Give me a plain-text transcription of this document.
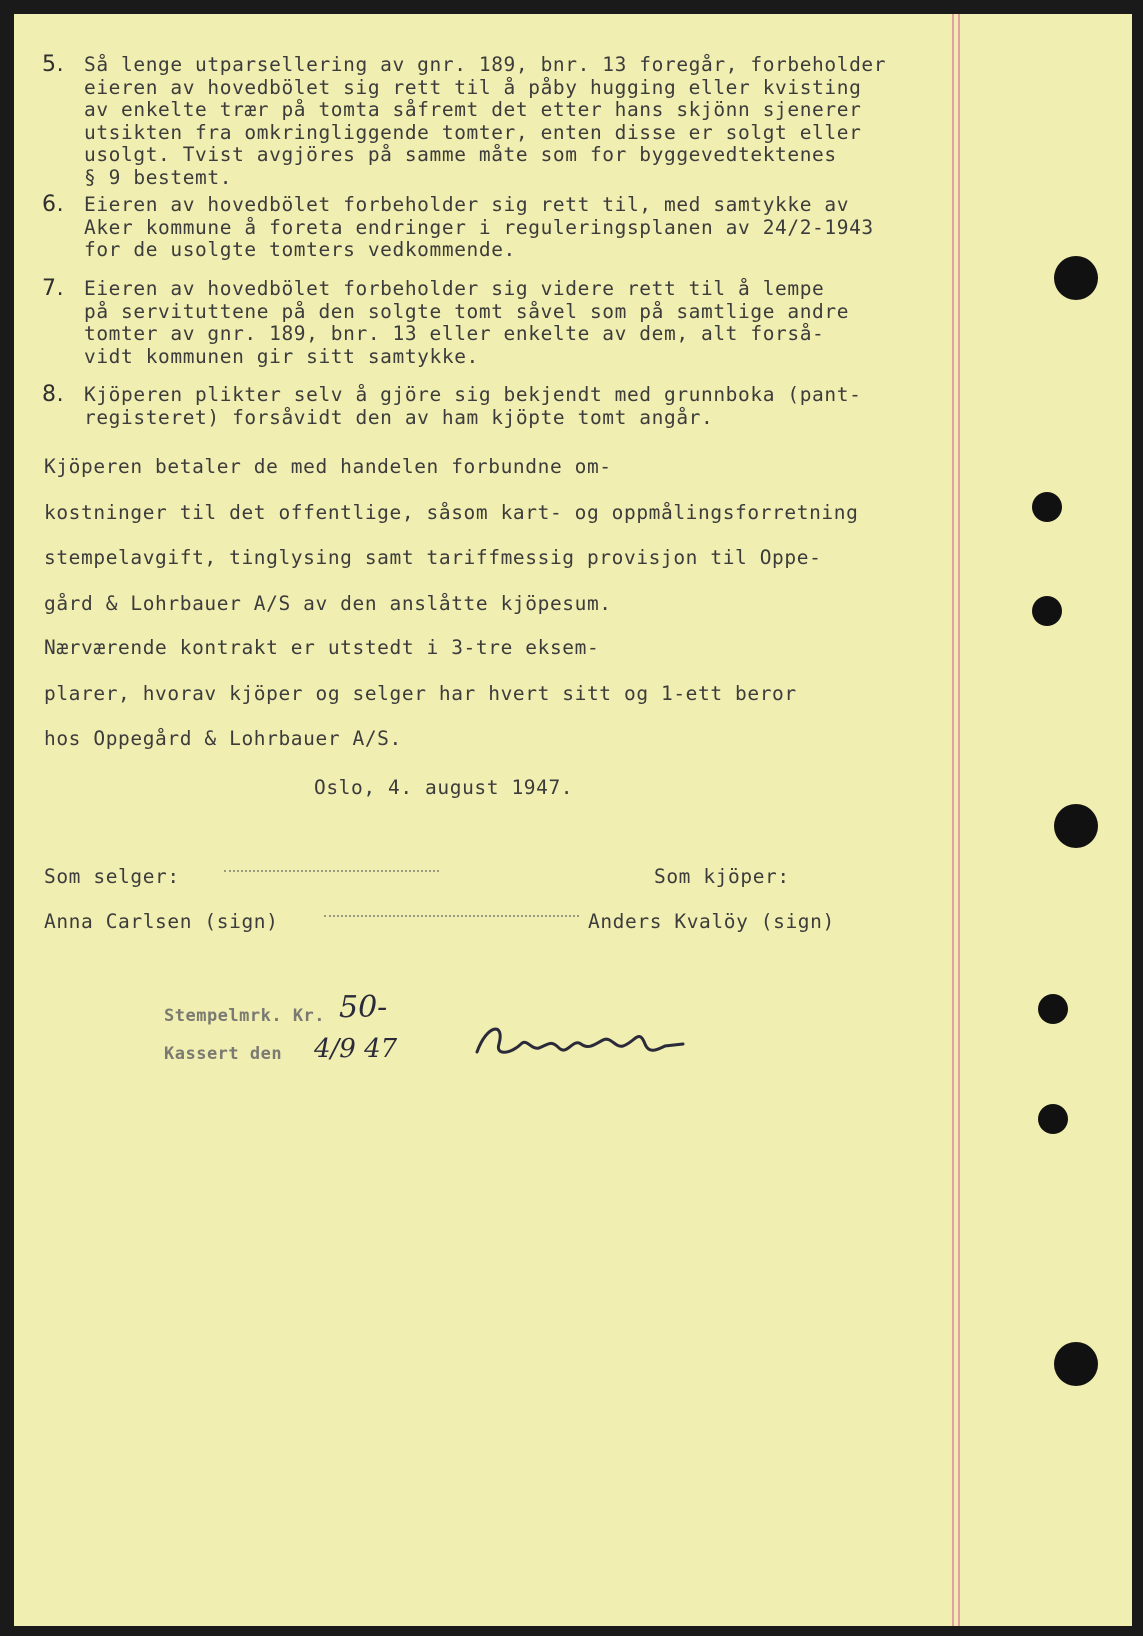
5.	Så lenge utparsellering av gnr. 189, bnr. 13 foregår, forbeholder
eieren av hovedbölet sig rett til å påby hugging eller kvisting
av enkelte trær på tomta såfremt det etter hans skjönn sjenerer
utsikten fra omkringliggende tomter, enten disse er solgt eller
usolgt. Tvist avgjöres på samme måte som for byggevedtektenes
§ 9 bestemt.
6.	Eieren av hovedbölet forbeholder sig rett til, med samtykke av
Aker kommune å foreta endringer i reguleringsplanen av 24/2-1943
for de usolgte tomters vedkommende.
7.	Eieren av hovedbölet forbeholder sig videre rett til å lempe
på servituttene på den solgte tomt såvel som på samtlige andre
tomter av gnr. 189, bnr. 13 eller enkelte av dem, alt forså-
vidt kommunen gir sitt samtykke.
8.	Kjöperen plikter selv å gjöre sig bekjendt med grunnboka (pant-
registeret) forsåvidt den av ham kjöpte tomt angår.
Kjöperen betaler de med handelen forbundne om-
kostninger til det offentlige, såsom kart- og oppmålingsforretning
stempelavgift, tinglysing samt tariffmessig provisjon til Oppe-
gård & Lohrbauer A/S av den anslåtte kjöpesum.
Nærværende kontrakt er utstedt i 3-tre eksem-
plarer, hvorav kjöper og selger har hvert sitt og 1-ett beror
hos Oppegård & Lohrbauer A/S.
Oslo, 4. august 1947.
Som selger:	Som kjöper:
Anna Carlsen (sign)	Anders Kvalöy (sign)
Stempelmrk. Kr. 50-
Kassert den 4/9 47
